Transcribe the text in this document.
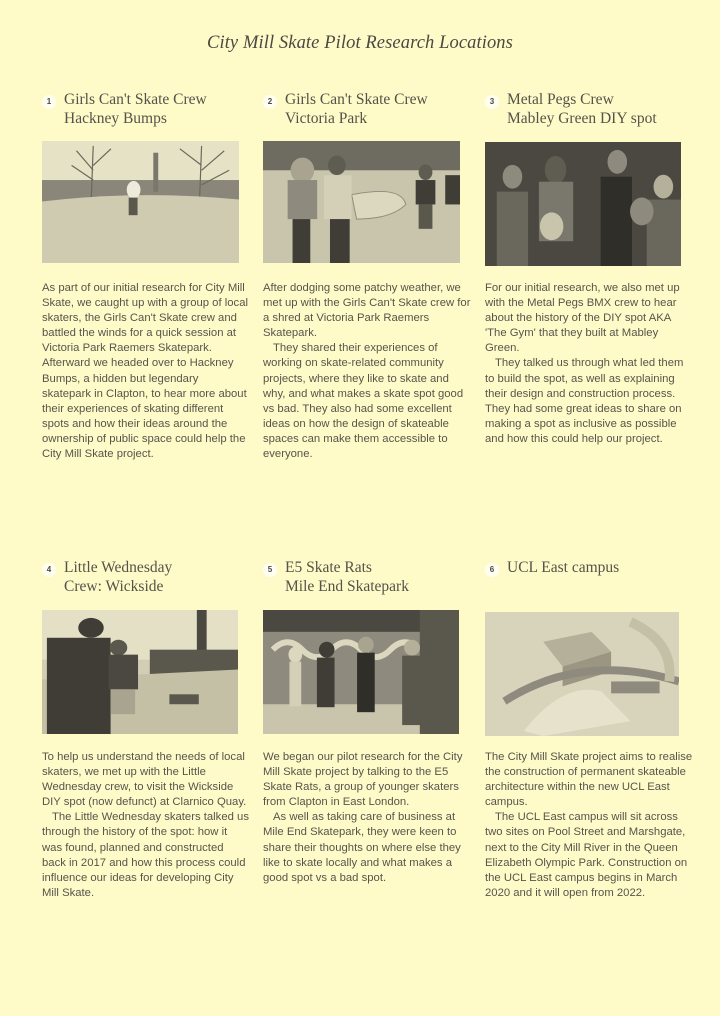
City Mill Skate Pilot Research Locations
1 Girls Can't Skate Crew
Hackney Bumps

As part of our initial research for City Mill Skate, we caught up with a group of local skaters, the Girls Can't Skate crew and battled the winds for a quick session at Victoria Park Raemers Skatepark. Afterward we headed over to Hackney Bumps, a hidden but legendary skatepark in Clapton, to hear more about their experiences of skating different spots and how their ideas around the ownership of public space could help the City Mill Skate project.

2 Girls Can't Skate Crew
Victoria Park

After dodging some patchy weather, we met up with the Girls Can't Skate crew for a shred at Victoria Park Raemers Skatepark.

They shared their experiences of working on skate-related community projects, where they like to skate and why, and what makes a skate spot good vs bad. They also had some excellent ideas on how the design of skateable spaces can make them accessible to everyone.

3 Metal Pegs Crew
Mabley Green DIY spot

For our initial research, we also met up with the Metal Pegs BMX crew to hear about the history of the DIY spot AKA 'The Gym' that they built at Mabley Green.

They talked us through what led them to build the spot, as well as explaining their design and construction process. They had some great ideas to share on making a spot as inclusive as possible and how this could help our project.

4 Little Wednesday
Crew: Wickside

To help us understand the needs of local skaters, we met up with the Little Wednesday crew, to visit the Wickside DIY spot (now defunct) at Clarnico Quay.

The Little Wednesday skaters talked us through the history of the spot: how it was found, planned and constructed back in 2017 and how this process could influence our ideas for developing City Mill Skate.

5 E5 Skate Rats
Mile End Skatepark

We began our pilot research for the City Mill Skate project by talking to the E5 Skate Rats, a group of younger skaters from Clapton in East London.

As well as taking care of business at Mile End Skatepark, they were keen to share their thoughts on where else they like to skate locally and what makes a good spot vs a bad spot.

6 UCL East campus

The City Mill Skate project aims to realise the construction of permanent skateable architecture within the new UCL East campus.

The UCL East campus will sit across two sites on Pool Street and Marshgate, next to the City Mill River in the Queen Elizabeth Olympic Park. Construction on the UCL East campus begins in March 2020 and it will open from 2022.
